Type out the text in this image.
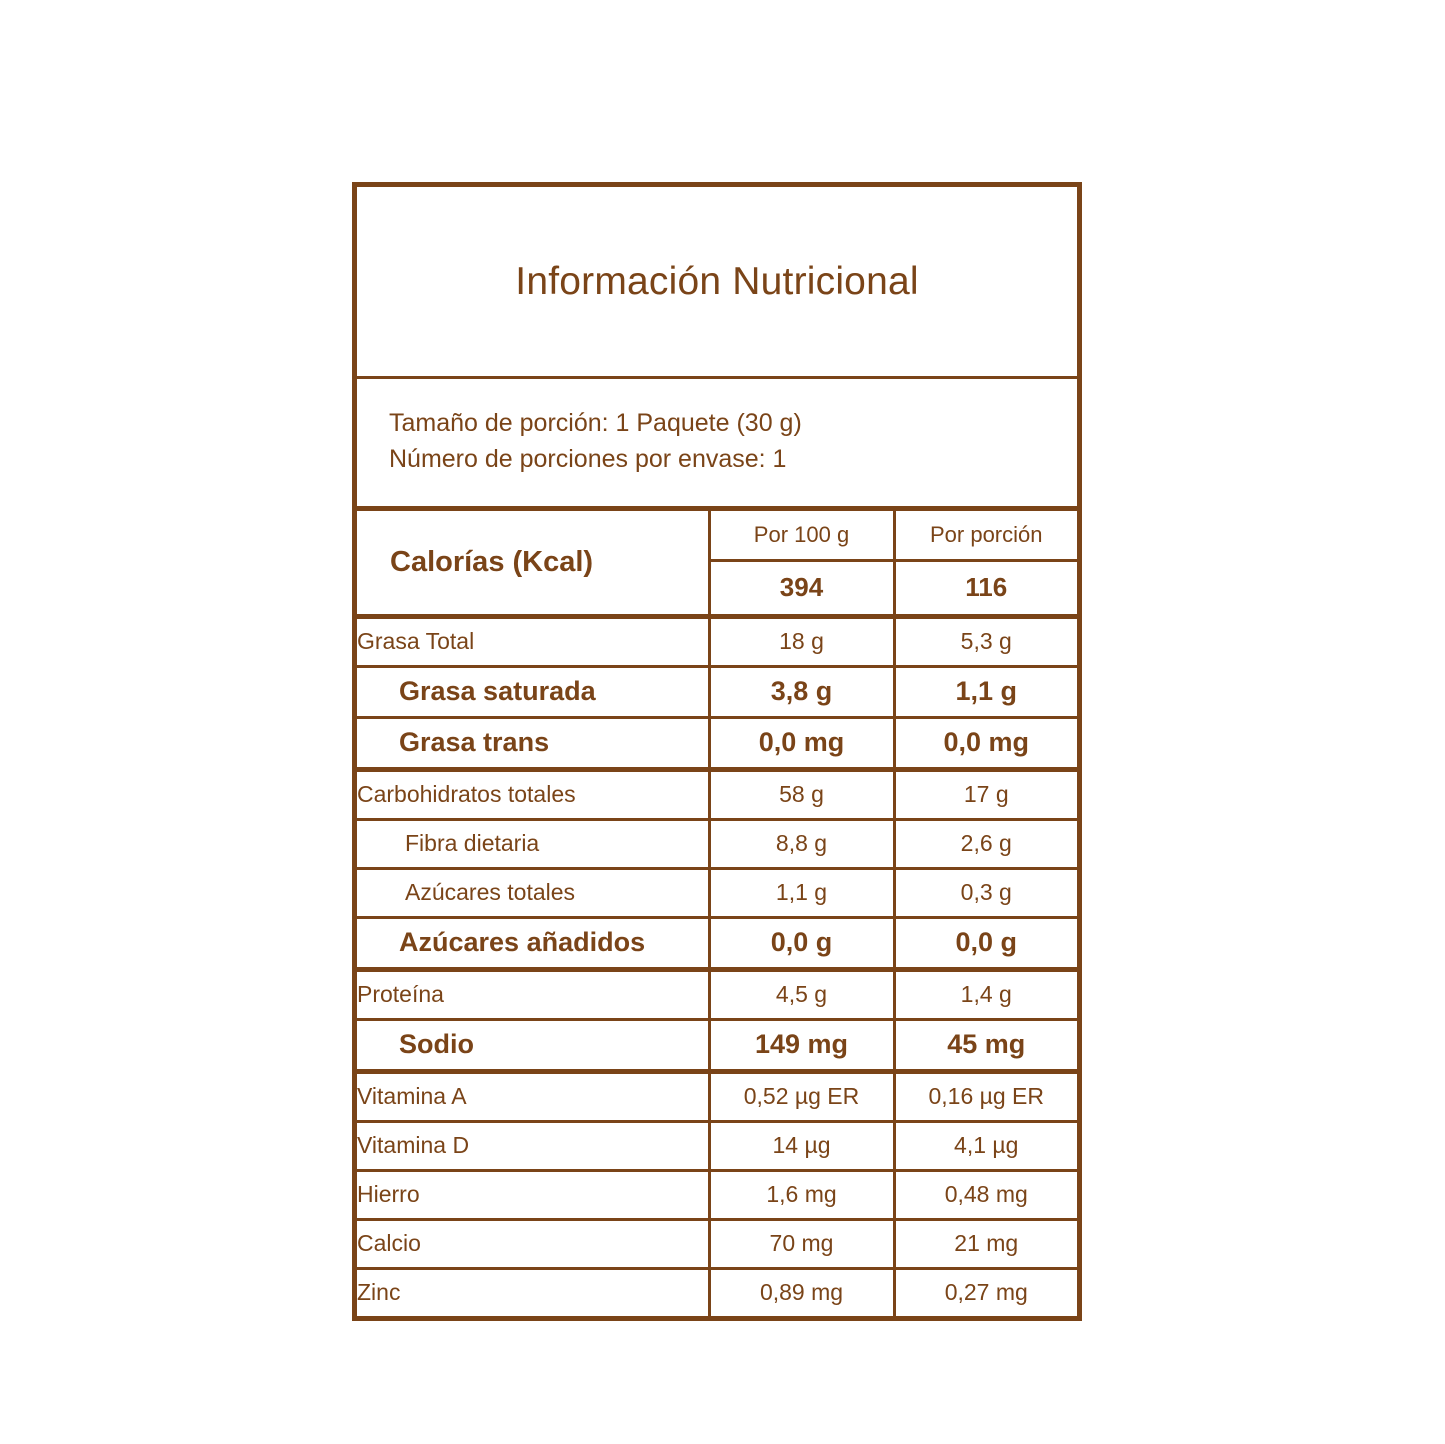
Información Nutricional
Tamaño de porción: 1 Paquete (30 g)
Número de porciones por envase: 1
Calorías (Kcal)	Por 100 g	Por porción
	394	116
Grasa Total	18 g	5,3 g
Grasa saturada	3,8 g	1,1 g
Grasa trans	0,0 mg	0,0 mg
Carbohidratos totales	58 g	17 g
Fibra dietaria	8,8 g	2,6 g
Azúcares totales	1,1 g	0,3 g
Azúcares añadidos	0,0 g	0,0 g
Proteína	4,5 g	1,4 g
Sodio	149 mg	45 mg
Vitamina A	0,52 µg ER	0,16 µg ER
Vitamina D	14 µg	4,1 µg
Hierro	1,6 mg	0,48 mg
Calcio	70 mg	21 mg
Zinc	0,89 mg	0,27 mg
